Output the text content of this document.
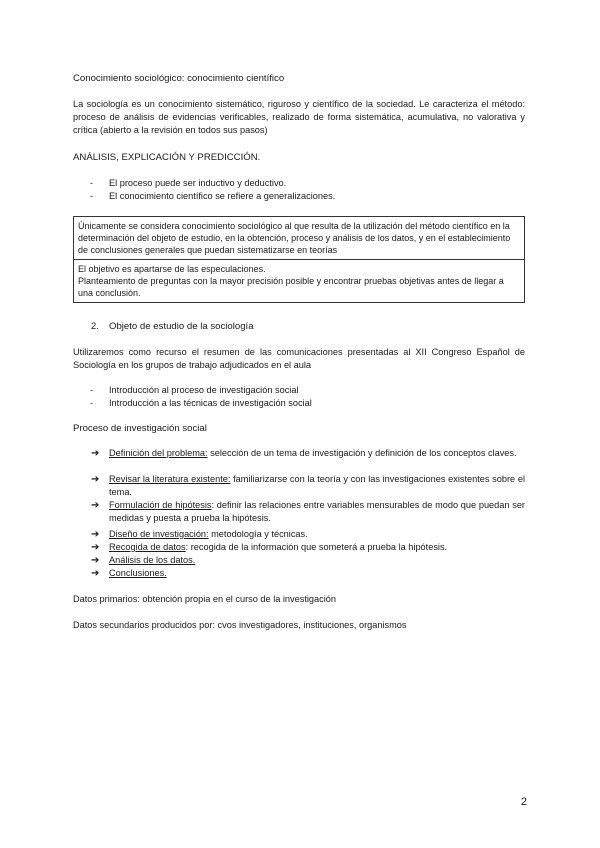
Conocimiento sociológico: conocimiento científico

La sociología es un conocimiento sistemático, riguroso y científico de la sociedad. Le caracteriza el método: proceso de análisis de evidencias verificables, realizado de forma sistemática, acumulativa, no valorativa y crítica (abierto a la revisión en todos sus pasos)

ANÁLISIS, EXPLICACIÓN Y PREDICCIÓN.

- El proceso puede ser inductivo y deductivo.

- El conocimiento científico se refiere a generalizaciones.

Únicamente se considera conocimiento sociológico al que resulta de la utilización del método científico en la determinación del objeto de estudio, en la obtención, proceso y análisis de los datos, y en el establecimiento de conclusiones generales que puedan sistematizarse en teorías
El objetivo es apartarse de las especulaciones.
Planteamiento de preguntas con la mayor precisión posible y encontrar pruebas objetivas antes de llegar a una conclusión.

2. Objeto de estudio de la sociología

Utilizaremos como recurso el resumen de las comunicaciones presentadas al XII Congreso Español de Sociología en los grupos de trabajo adjudicados en el aula

- Introducción al proceso de investigación social

- Introducción a las técnicas de investigación social

Proceso de investigación social

➔ Definición del problema: selección de un tema de investigación y definición de los conceptos claves.

➔ Revisar la literatura existente: familiarizarse con la teoría y con las investigaciones existentes sobre el tema.

➔ Formulación de hipótesis: definir las relaciones entre variables mensurables de modo que puedan ser medidas y puesta a prueba la hipótesis.

➔ Diseño de investigación: metodología y técnicas.

➔ Recogida de datos: recogida de la información que someterá a prueba la hipótesis.

➔ Análisis de los datos.

➔ Conclusiones.

Datos primarios: obtención propia en el curso de la investigación

Datos secundarios producidos por: cvos investigadores, instituciones, organismos

2
